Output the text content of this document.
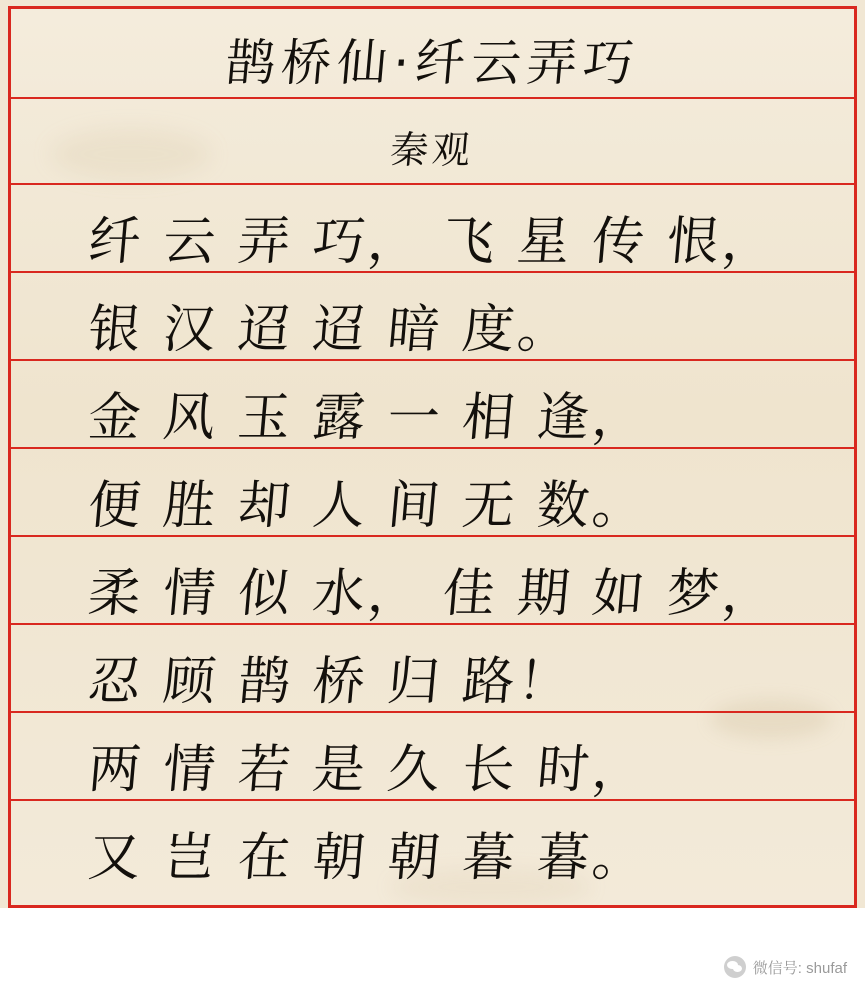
鹊桥仙·纤云弄巧
秦观
纤 云 弄 巧， 飞 星 传 恨，
银 汉 迢 迢 暗 度。
金 风 玉 露 一 相 逢，
便 胜 却 人 间 无 数。
柔 情 似 水， 佳 期 如 梦，
忍 顾 鹊 桥 归 路！
两 情 若 是 久 长 时，
又 岂 在 朝 朝 暮 暮。
微信号: shufaf
